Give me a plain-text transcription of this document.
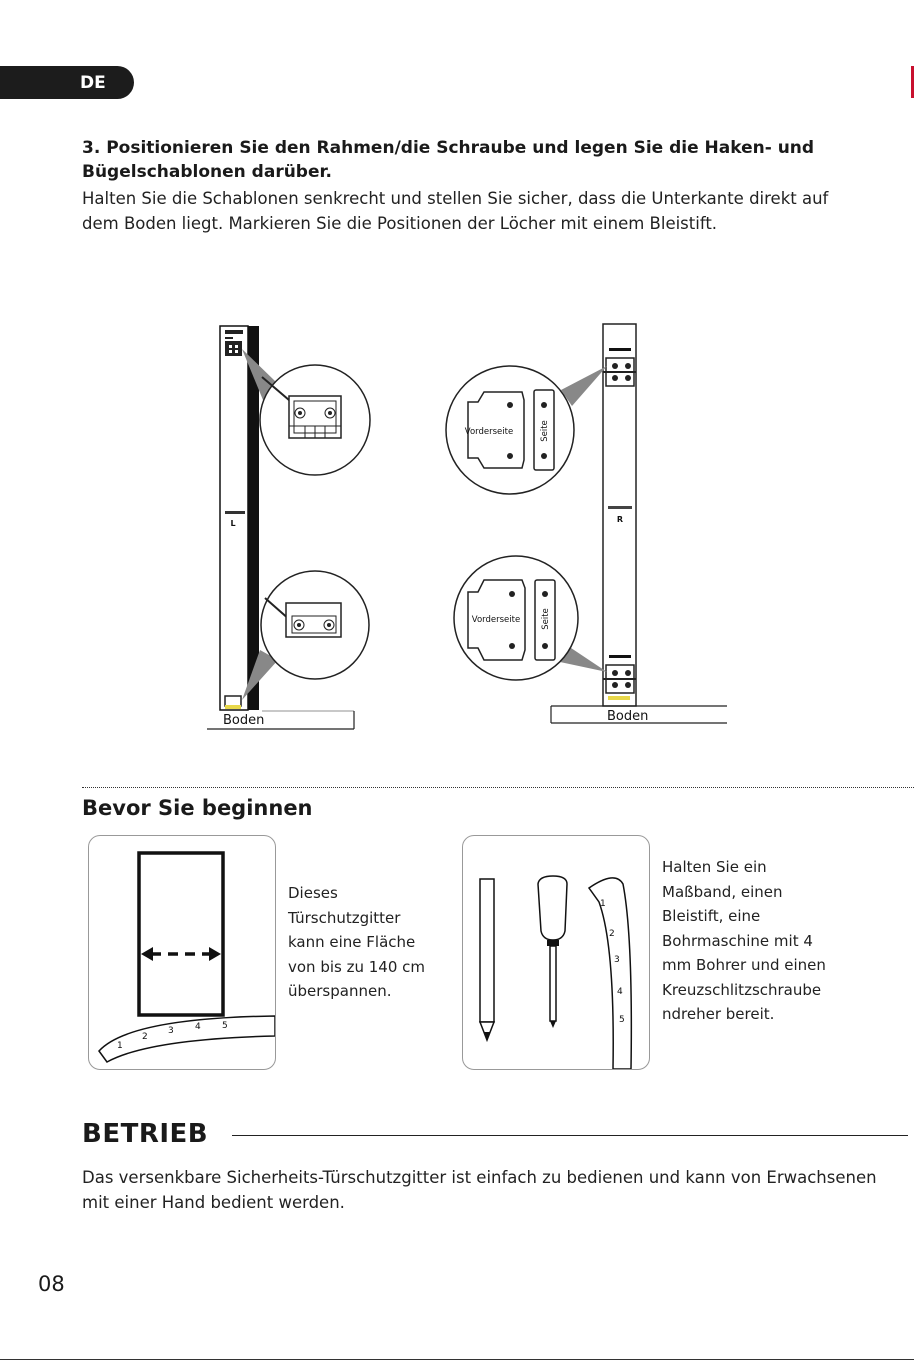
DE
3. Positionieren Sie den Rahmen/die Schraube und legen Sie die Haken- und Bügelschablonen darüber.
Halten Sie die Schablonen senkrecht und stellen Sie sicher, dass die Unterkante direkt auf dem Boden liegt. Markieren Sie die Positionen der Löcher mit einem Bleistift.
L
Boden
R
Vorderseite	Seite
Vorderseite Seite
Boden
Bevor Sie beginnen
1
2
3 4 5
Dieses Türschutzgitter kann eine Fläche von bis zu 140 cm überspannen.
1
2
3
4
5
Halten Sie ein Maßband, einen Bleistift, eine Bohrmaschine mit 4 mm Bohrer und einen Kreuzschlitzschraube ndreher bereit.
BETRIEB
Das versenkbare Sicherheits-Türschutzgitter ist einfach zu bedienen und kann von Erwachsenen mit einer Hand bedient werden.
08
